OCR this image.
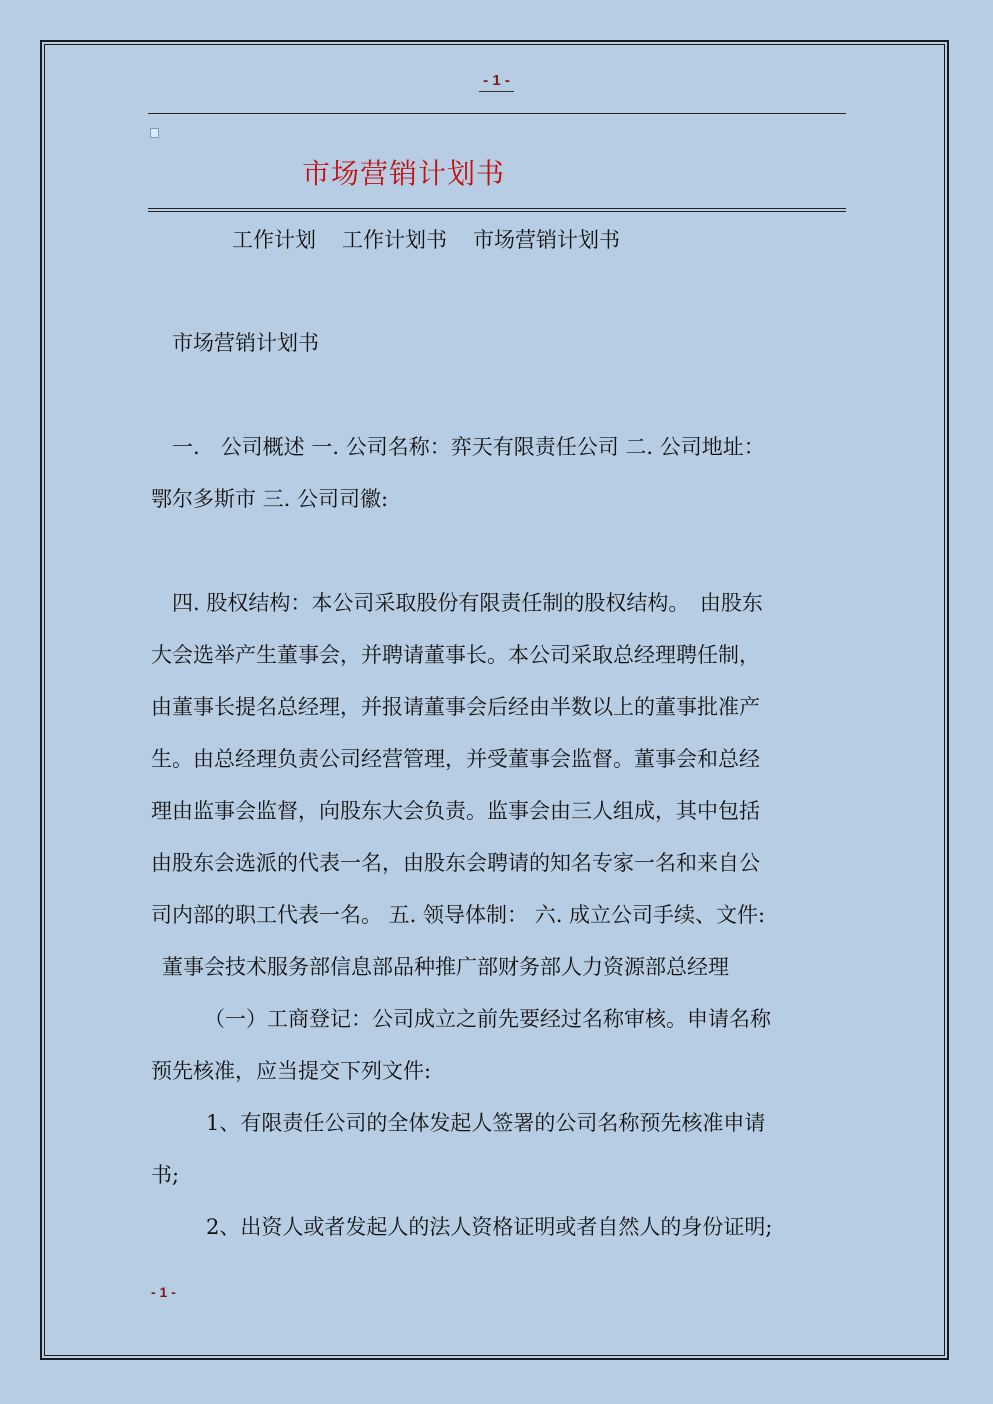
- 1 -
市场营销计划书
工作计划 工作计划书 市场营销计划书
市场营销计划书
一.　公司概述 一. 公司名称：弈天有限责任公司 二. 公司地址：
鄂尔多斯市 三. 公司司徽:
四. 股权结构：本公司采取股份有限责任制的股权结构。　由股东
大会选举产生董事会，并聘请董事长。本公司采取总经理聘任制，
由董事长提名总经理，并报请董事会后经由半数以上的董事批准产
生。由总经理负责公司经营管理，并受董事会监督。董事会和总经
理由监事会监督，向股东大会负责。监事会由三人组成，其中包括
由股东会选派的代表一名，由股东会聘请的知名专家一名和来自公
司内部的职工代表一名。 五. 领导体制： 六. 成立公司手续、文件:
董事会技术服务部信息部品种推广部财务部人力资源部总经理
（一）工商登记：公司成立之前先要经过名称审核。申请名称
预先核准，应当提交下列文件:
1、有限责任公司的全体发起人签署的公司名称预先核准申请
书;
2、出资人或者发起人的法人资格证明或者自然人的身份证明;
- 1 -
